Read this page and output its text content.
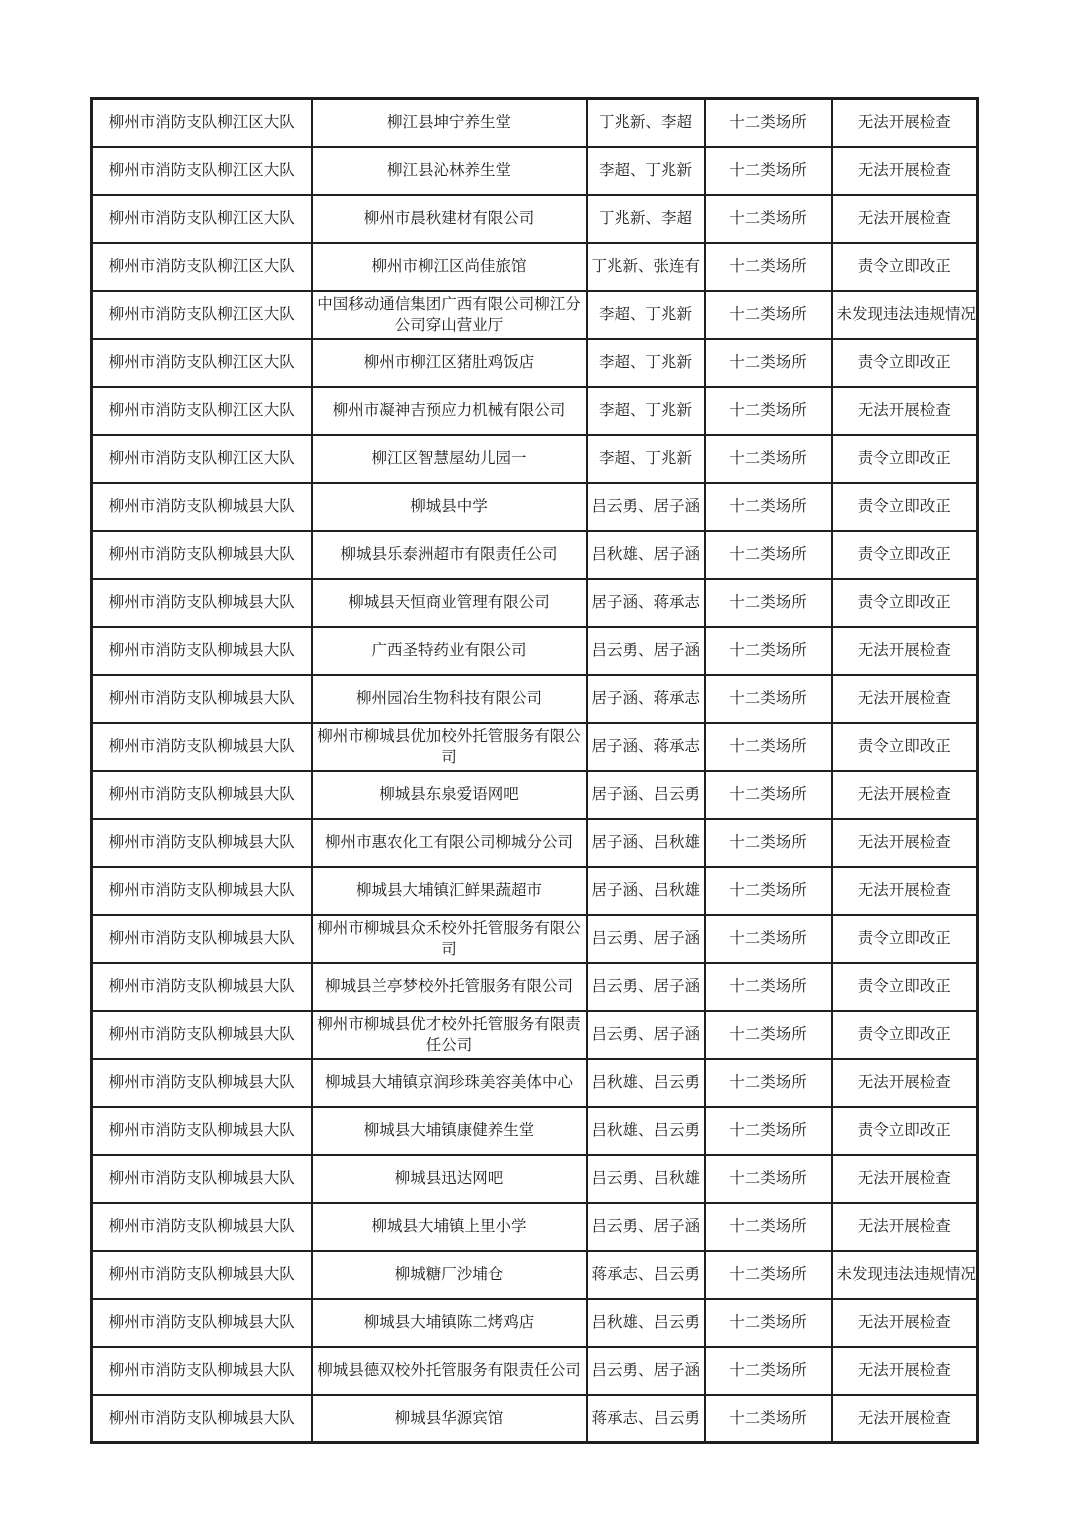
柳州市消防支队柳江区大队	柳江县坤宁养生堂	丁兆新、李超	十二类场所	无法开展检查
柳州市消防支队柳江区大队	柳江县沁林养生堂	李超、丁兆新	十二类场所	无法开展检查
柳州市消防支队柳江区大队	柳州市晨秋建材有限公司	丁兆新、李超	十二类场所	无法开展检查
柳州市消防支队柳江区大队	柳州市柳江区尚佳旅馆	丁兆新、张连有	十二类场所	责令立即改正
柳州市消防支队柳江区大队	中国移动通信集团广西有限公司柳江分公司穿山营业厅	李超、丁兆新	十二类场所	未发现违法违规情况
柳州市消防支队柳江区大队	柳州市柳江区猪肚鸡饭店	李超、丁兆新	十二类场所	责令立即改正
柳州市消防支队柳江区大队	柳州市凝神吉预应力机械有限公司	李超、丁兆新	十二类场所	无法开展检查
柳州市消防支队柳江区大队	柳江区智慧屋幼儿园一	李超、丁兆新	十二类场所	责令立即改正
柳州市消防支队柳城县大队	柳城县中学	吕云勇、居子涵	十二类场所	责令立即改正
柳州市消防支队柳城县大队	柳城县乐泰洲超市有限责任公司	吕秋雄、居子涵	十二类场所	责令立即改正
柳州市消防支队柳城县大队	柳城县天恒商业管理有限公司	居子涵、蒋承志	十二类场所	责令立即改正
柳州市消防支队柳城县大队	广西圣特药业有限公司	吕云勇、居子涵	十二类场所	无法开展检查
柳州市消防支队柳城县大队	柳州园冶生物科技有限公司	居子涵、蒋承志	十二类场所	无法开展检查
柳州市消防支队柳城县大队	柳州市柳城县优加校外托管服务有限公司	居子涵、蒋承志	十二类场所	责令立即改正
柳州市消防支队柳城县大队	柳城县东泉爱语网吧	居子涵、吕云勇	十二类场所	无法开展检查
柳州市消防支队柳城县大队	柳州市惠农化工有限公司柳城分公司	居子涵、吕秋雄	十二类场所	无法开展检查
柳州市消防支队柳城县大队	柳城县大埔镇汇鲜果蔬超市	居子涵、吕秋雄	十二类场所	无法开展检查
柳州市消防支队柳城县大队	柳州市柳城县众禾校外托管服务有限公司	吕云勇、居子涵	十二类场所	责令立即改正
柳州市消防支队柳城县大队	柳城县兰亭梦校外托管服务有限公司	吕云勇、居子涵	十二类场所	责令立即改正
柳州市消防支队柳城县大队	柳州市柳城县优才校外托管服务有限责任公司	吕云勇、居子涵	十二类场所	责令立即改正
柳州市消防支队柳城县大队	柳城县大埔镇京润珍珠美容美体中心	吕秋雄、吕云勇	十二类场所	无法开展检查
柳州市消防支队柳城县大队	柳城县大埔镇康健养生堂	吕秋雄、吕云勇	十二类场所	责令立即改正
柳州市消防支队柳城县大队	柳城县迅达网吧	吕云勇、吕秋雄	十二类场所	无法开展检查
柳州市消防支队柳城县大队	柳城县大埔镇上里小学	吕云勇、居子涵	十二类场所	无法开展检查
柳州市消防支队柳城县大队	柳城糖厂沙埔仓	蒋承志、吕云勇	十二类场所	未发现违法违规情况
柳州市消防支队柳城县大队	柳城县大埔镇陈二烤鸡店	吕秋雄、吕云勇	十二类场所	无法开展检查
柳州市消防支队柳城县大队	柳城县德双校外托管服务有限责任公司	吕云勇、居子涵	十二类场所	无法开展检查
柳州市消防支队柳城县大队	柳城县华源宾馆	蒋承志、吕云勇	十二类场所	无法开展检查
